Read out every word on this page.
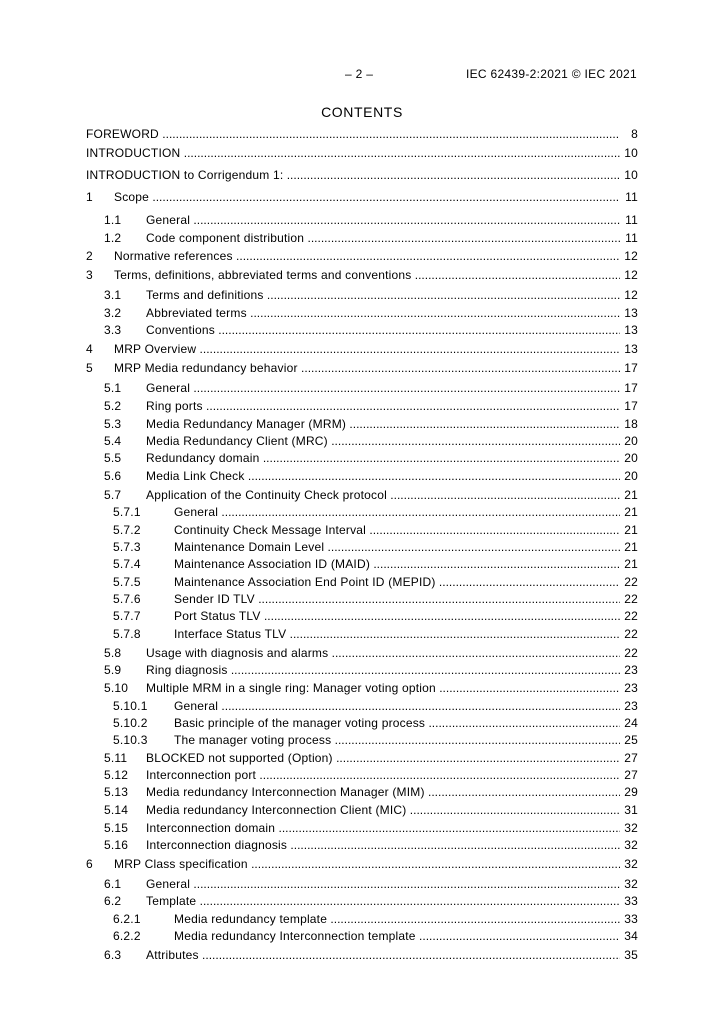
– 2 –	IEC 62439-2:2021 © IEC 2021
CONTENTS
FOREWORD .....	8
INTRODUCTION .....	10
INTRODUCTION to Corrigendum 1: .....	10
1 Scope .....	11
1.1 General .....	11
1.2 Code component distribution .....	11
2 Normative references .....	12
3 Terms, definitions, abbreviated terms and conventions .....	12
3.1 Terms and definitions .....	12
3.2 Abbreviated terms .....	13
3.3 Conventions .....	13
4 MRP Overview .....	13
5 MRP Media redundancy behavior .....	17
5.1 General .....	17
5.2 Ring ports .....	17
5.3 Media Redundancy Manager (MRM) .....	18
5.4 Media Redundancy Client (MRC) .....	20
5.5 Redundancy domain .....	20
5.6 Media Link Check .....	20
5.7 Application of the Continuity Check protocol .....	21
5.7.1	General .....	21
5.7.2	Continuity Check Message Interval .....	21
5.7.3	Maintenance Domain Level .....	21
5.7.4	Maintenance Association ID (MAID) .....	21
5.7.5	Maintenance Association End Point ID (MEPID) .....	22
5.7.6	Sender ID TLV .....	22
5.7.7	Port Status TLV .....	22
5.7.8	Interface Status TLV .....	22
5.8 Usage with diagnosis and alarms .....	22
5.9 Ring diagnosis .....	23
5.10 Multiple MRM in a single ring: Manager voting option .....	23
5.10.1 General .....	23
5.10.2 Basic principle of the manager voting process .....	24
5.10.3 The manager voting process .....	25
5.11 BLOCKED not supported (Option) .....	27
5.12 Interconnection port .....	27
5.13 Media redundancy Interconnection Manager (MIM) .....	29
5.14 Media redundancy Interconnection Client (MIC) .....	31
5.15 Interconnection domain .....	32
5.16 Interconnection diagnosis .....	32
6 MRP Class specification .....	32
6.1 General .....	32
6.2 Template .....	33
6.2.1	Media redundancy template .....	33
6.2.2	Media redundancy Interconnection template .....	34
6.3 Attributes .....	35
